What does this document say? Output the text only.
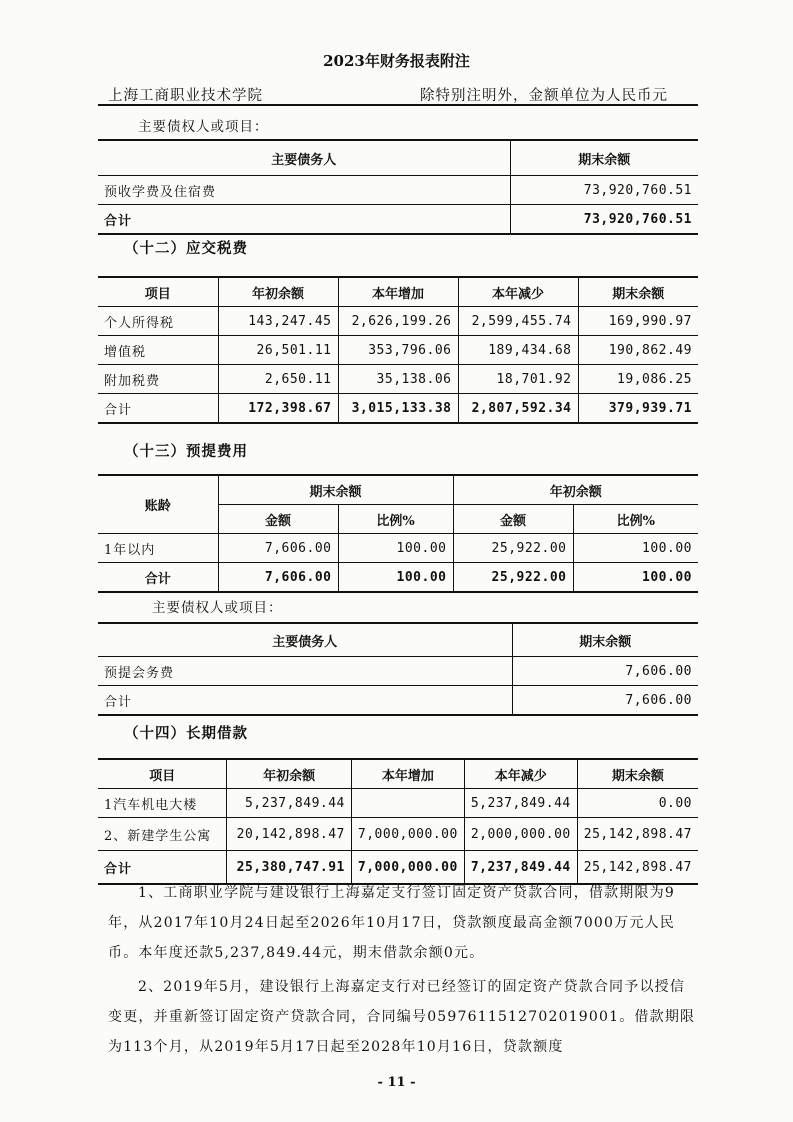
2023年财务报表附注
上海工商职业技术学院	除特别注明外，金额单位为人民币元
主要债权人或项目：
主要债务人	期末余额
预收学费及住宿费	73,920,760.51
合计	73,920,760.51
（十二）应交税费
项目	年初余额	本年增加	本年减少	期末余额
个人所得税	143,247.45	2,626,199.26	2,599,455.74	169,990.97
增值税	26,501.11	353,796.06	189,434.68	190,862.49
附加税费	2,650.11	35,138.06	18,701.92	19,086.25
合计	172,398.67	3,015,133.38	2,807,592.34	379,939.71
（十三）预提费用
账龄	期末余额		年初余额	
	金额	比例%	金额	比例%
1年以内	7,606.00	100.00	25,922.00	100.00
合计	7,606.00	100.00	25,922.00	100.00
主要债权人或项目：
主要债务人	期末余额
预提会务费	7,606.00
合计	7,606.00
（十四）长期借款
项目	年初余额	本年增加	本年减少	期末余额
1汽车机电大楼	5,237,849.44		5,237,849.44	0.00
2、新建学生公寓	20,142,898.47	7,000,000.00	2,000,000.00	25,142,898.47
合计	25,380,747.91	7,000,000.00	7,237,849.44	25,142,898.47
1、工商职业学院与建设银行上海嘉定支行签订固定资产贷款合同，借款期限为9年，从2017年10月24日起至2026年10月17日，贷款额度最高金额7000万元人民币。本年度还款5,237,849.44元，期末借款余额0元。
2、2019年5月，建设银行上海嘉定支行对已经签订的固定资产贷款合同予以授信变更，并重新签订固定资产贷款合同，合同编号0597611512702019001。借款期限为113个月，从2019年5月17日起至2028年10月16日，贷款额度
- 11 -
